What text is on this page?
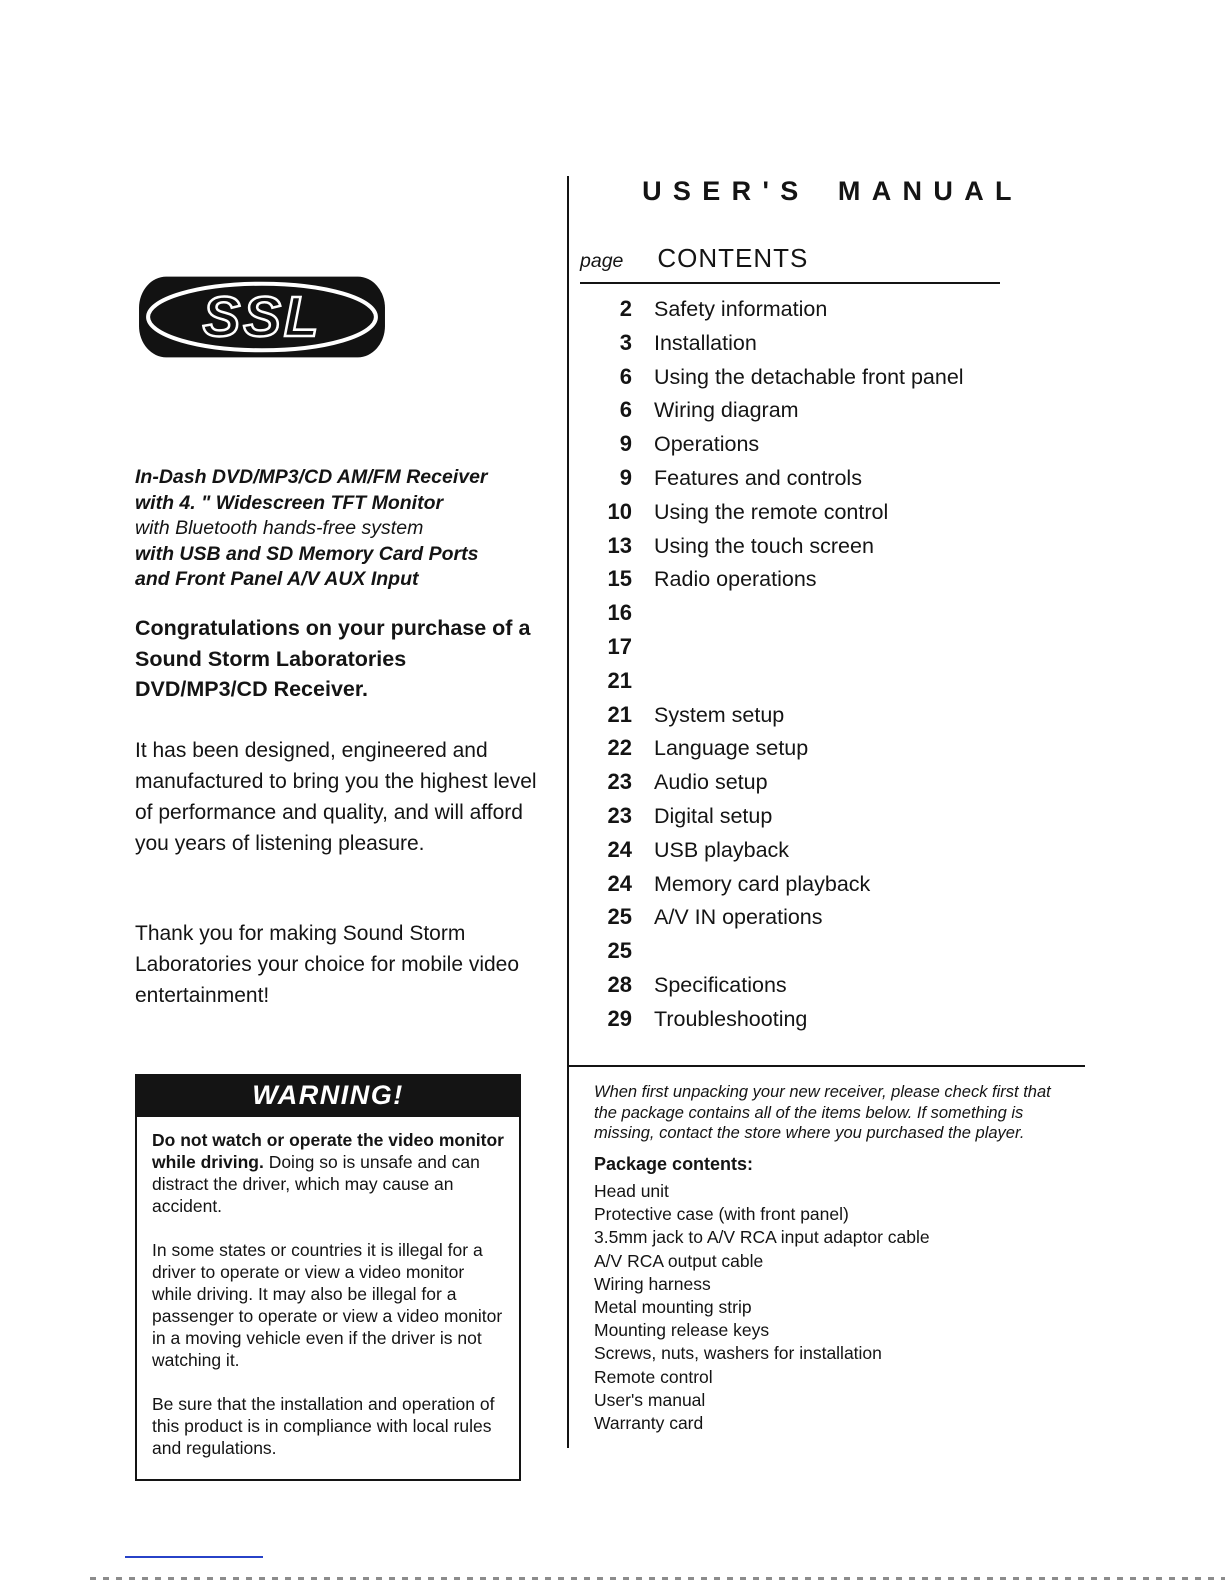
SSL
In-Dash DVD/MP3/CD AM/FM Receiver
with 4. " Widescreen TFT Monitor
with Bluetooth hands-free system
with USB and SD Memory Card Ports
and Front Panel A/V AUX Input
Congratulations on your purchase of a Sound Storm Laboratories DVD/MP3/CD Receiver.
It has been designed, engineered and manufactured to bring you the highest level of performance and quality, and will afford you years of listening pleasure.
Thank you for making Sound Storm Laboratories your choice for mobile video entertainment!
WARNING!

Do not watch or operate the video monitor while driving. Doing so is unsafe and can distract the driver, which may cause an accident.

In some states or countries it is illegal for a driver to operate or view a video monitor while driving. It may also be illegal for a passenger to operate or view a video monitor in a moving vehicle even if the driver is not watching it.

Be sure that the installation and operation of this product is in compliance with local rules and regulations.

USER'S MANUAL
page CONTENTS
2 Safety information
3 Installation
6 Using the detachable front panel
6 Wiring diagram
9 Operations
9 Features and controls
10 Using the remote control
13 Using the touch screen
15 Radio operations
16
17
21
21 System setup
22 Language setup
23 Audio setup
23 Digital setup
24 USB playback
24 Memory card playback
25 A/V IN operations
25
28 Specifications
29 Troubleshooting
When first unpacking your new receiver, please check first that the package contains all of the items below. If something is missing, contact the store where you purchased the player.
Package contents:
Head unit
Protective case (with front panel)
3.5mm jack to A/V RCA input adaptor cable
A/V RCA output cable
Wiring harness
Metal mounting strip
Mounting release keys
Screws, nuts, washers for installation
Remote control
User's manual
Warranty card
